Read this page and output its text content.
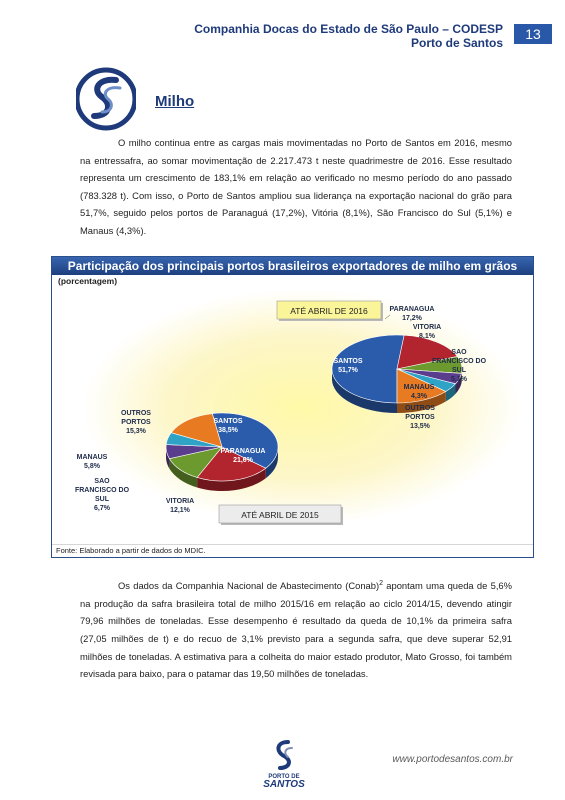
Companhia Docas do Estado de São Paulo – CODESP
Porto de Santos
13
Milho

O milho continua entre as cargas mais movimentadas no Porto de Santos em 2016, mesmo na entressafra, ao somar movimentação de 2.217.473 t neste quadrimestre de 2016. Esse resultado representa um crescimento de 183,1% em relação ao verificado no mesmo período do ano passado (783.328 t). Com isso, o Porto de Santos ampliou sua liderança na exportação nacional do grão para 51,7%, seguido pelos portos de Paranaguá (17,2%), Vitória (8,1%), São Francisco do Sul (5,1%) e Manaus (4,3%).

Participação dos principais portos brasileiros exportadores de milho em grãos
(porcentagem)
ATÉ ABRIL DE 2016
SANTOS 51,7%
PARANAGUA 17,2%
VITORIA 8,1%
SAO FRANCISCO DO SUL 5,1%
MANAUS 4,3%
OUTROS PORTOS 13,5%
ATÉ ABRIL DE 2015
SANTOS 38,5%
PARANAGUA 21,6%
VITORIA 12,1%
SAO FRANCISCO DO SUL 6,7%
MANAUS 5,8%
OUTROS PORTOS 15,3%
Fonte: Elaborado a partir de dados do MDIC.

Os dados da Companhia Nacional de Abastecimento (Conab)$^2$ apontam uma queda de 5,6% na produção da safra brasileira total de milho 2015/16 em relação ao ciclo 2014/15, devendo atingir 79,96 milhões de toneladas. Esse desempenho é resultado da queda de 10,1% da primeira safra (27,05 milhões de t) e do recuo de 3,1% previsto para a segunda safra, que deve superar 52,91 milhões de toneladas. A estimativa para a colheita do maior estado produtor, Mato Grosso, foi também revisada para baixo, para o patamar das 19,50 milhões de toneladas.

PORTO DE
SANTOS
www.portodesantos.com.br
